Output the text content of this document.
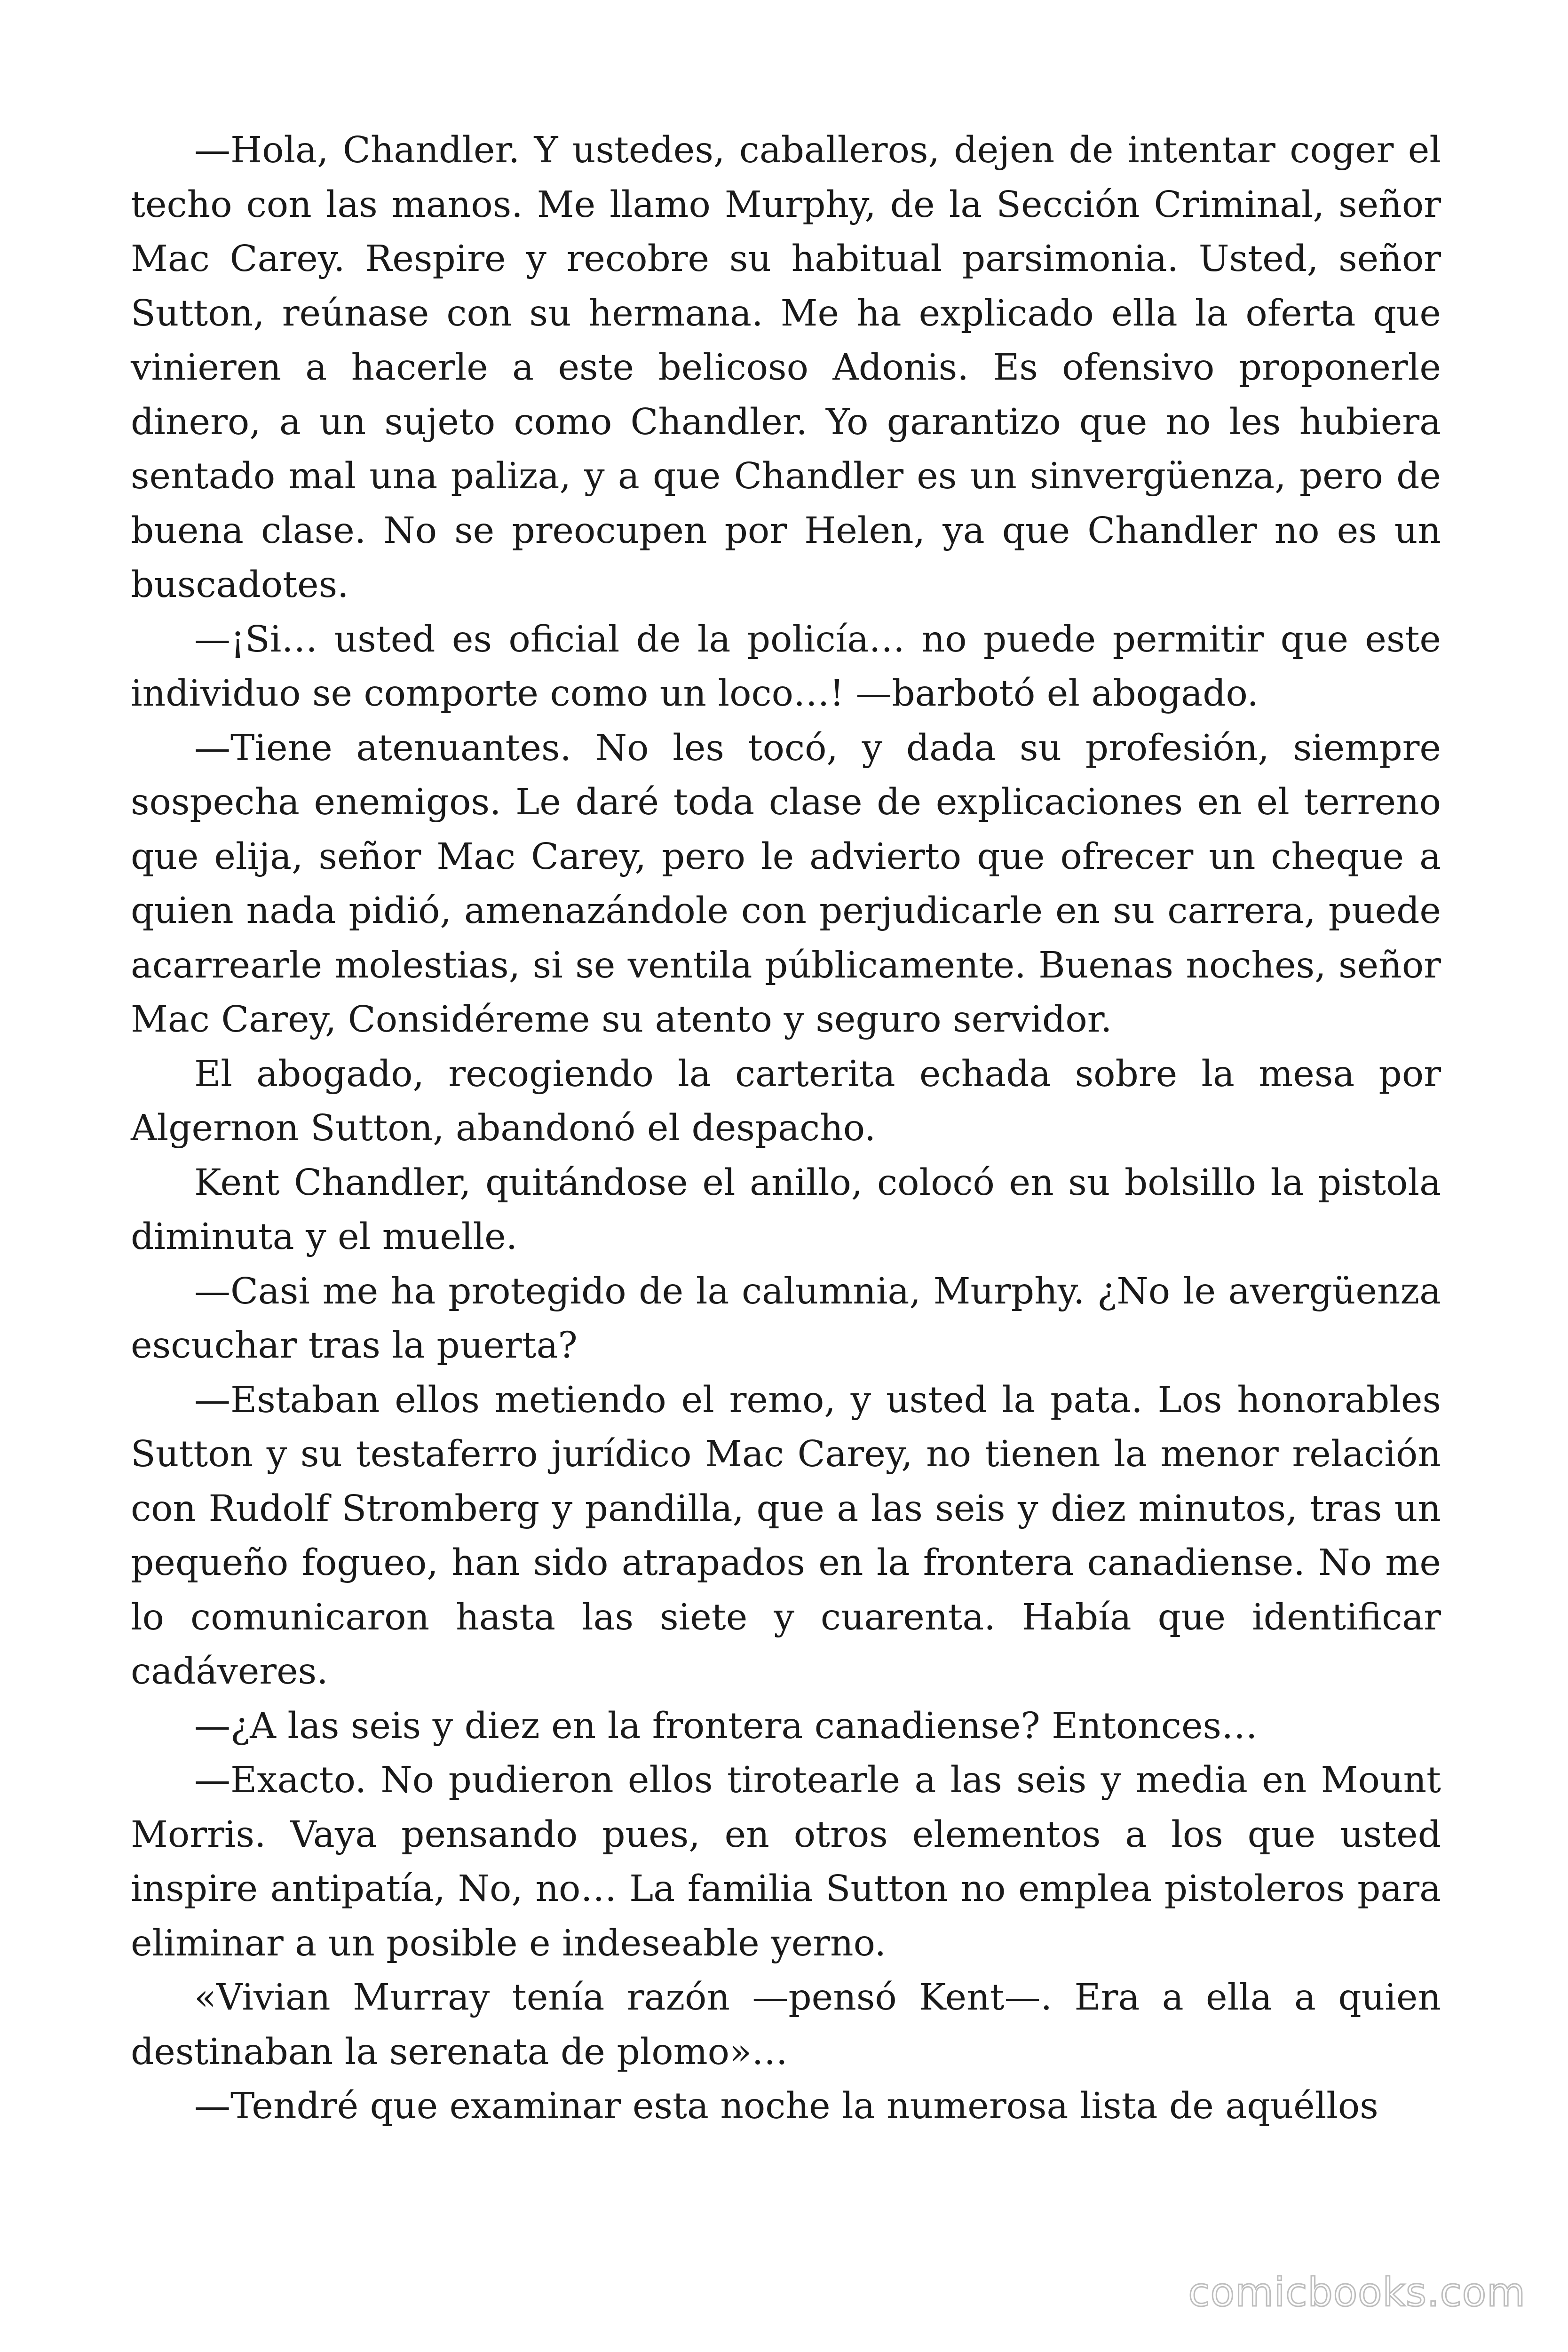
—Hola, Chandler. Y ustedes, caballeros, dejen de intentar coger el techo con las manos. Me llamo Murphy, de la Sección Criminal, señor Mac Carey. Respire y recobre su habitual parsimonia. Usted, señor Sutton, reúnase con su hermana. Me ha explicado ella la oferta que vinieren a hacerle a este belicoso Adonis. Es ofensivo proponerle dinero, a un sujeto como Chandler. Yo garantizo que no les hubiera sentado mal una paliza, y a que Chandler es un sinvergüenza, pero de buena clase. No se preocupen por Helen, ya que Chandler no es un buscadotes.

—¡Si… usted es oficial de la policía… no puede permitir que este individuo se comporte como un loco…! —barbotó el abogado.

—Tiene atenuantes. No les tocó, y dada su profesión, siempre sospecha enemigos. Le daré toda clase de explicaciones en el terreno que elija, señor Mac Carey, pero le advierto que ofrecer un cheque a quien nada pidió, amenazándole con perjudicarle en su carrera, puede acarrearle molestias, si se ventila públicamente. Buenas noches, señor Mac Carey, Considéreme su atento y seguro servidor.

El abogado, recogiendo la carterita echada sobre la mesa por Algernon Sutton, abandonó el despacho.

Kent Chandler, quitándose el anillo, colocó en su bolsillo la pistola diminuta y el muelle.

—Casi me ha protegido de la calumnia, Murphy. ¿No le avergüenza escuchar tras la puerta?

—Estaban ellos metiendo el remo, y usted la pata. Los honorables Sutton y su testaferro jurídico Mac Carey, no tienen la menor relación con Rudolf Stromberg y pandilla, que a las seis y diez minutos, tras un pequeño fogueo, han sido atrapados en la frontera canadiense. No me lo comunicaron hasta las siete y cuarenta. Había que identificar cadáveres.

—¿A las seis y diez en la frontera canadiense? Entonces…

—Exacto. No pudieron ellos tirotearle a las seis y media en Mount Morris. Vaya pensando pues, en otros elementos a los que usted inspire antipatía, No, no… La familia Sutton no emplea pistoleros para eliminar a un posible e indeseable yerno.

«Vivian Murray tenía razón —pensó Kent—. Era a ella a quien destinaban la serenata de plomo»…

—Tendré que examinar esta noche la numerosa lista de aquéllos

comicbooks.com
